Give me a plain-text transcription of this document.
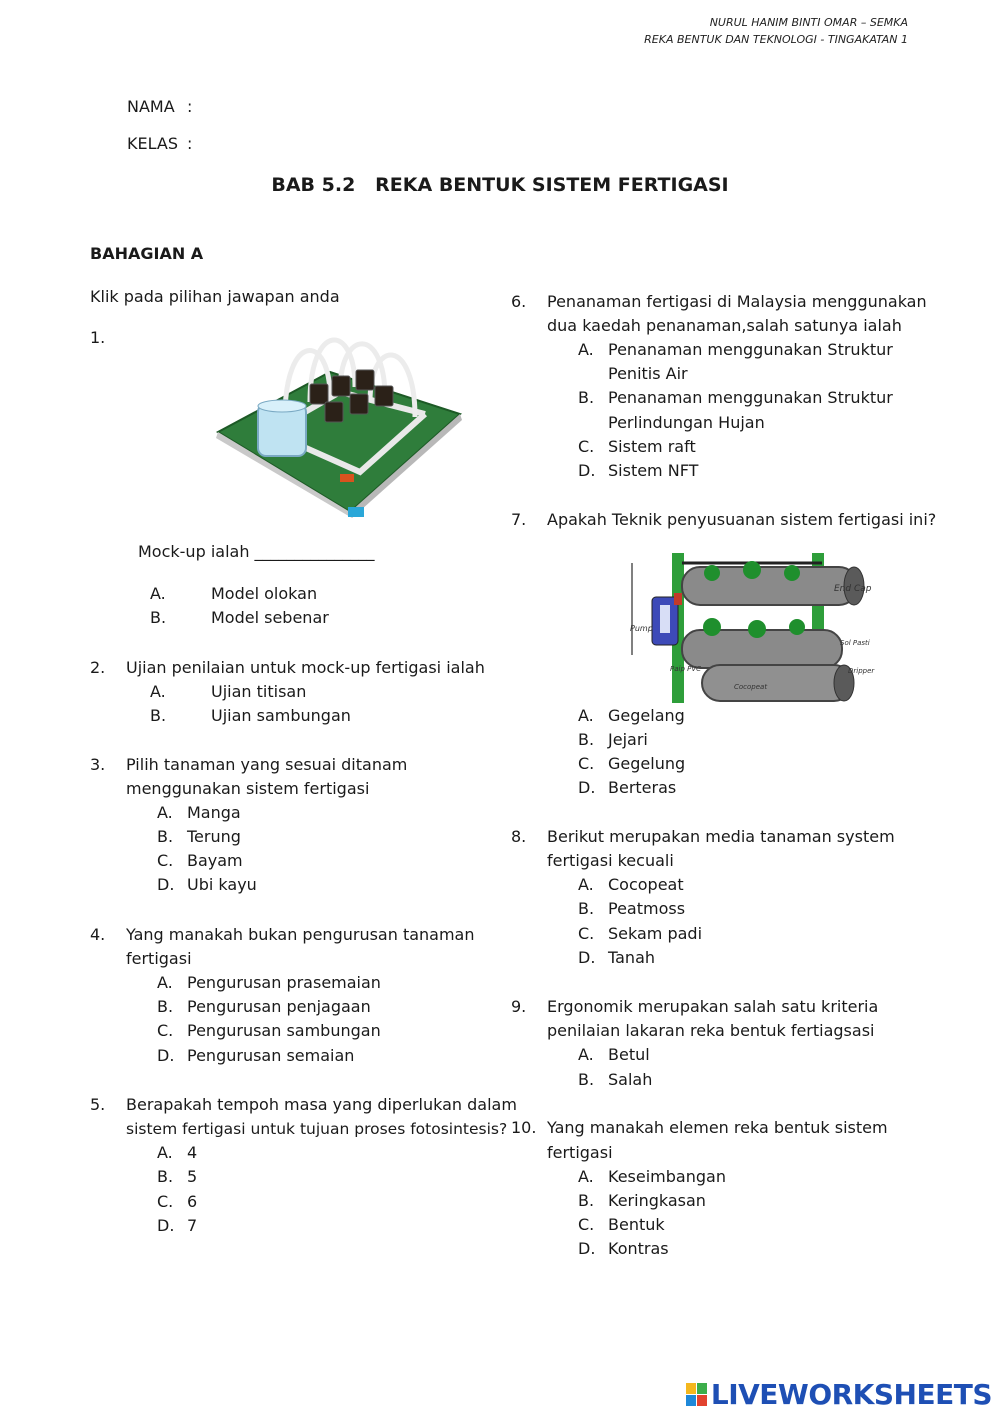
NURUL HANIM BINTI OMAR – SEMKA
REKA BENTUK DAN TEKNOLOGI - TINGAKATAN 1
NAMA :
KELAS :
BAB 5.2   REKA BENTUK SISTEM FERTIGASI
BAHAGIAN A
Klik pada pilihan jawapan anda
1.
32 inci
24 inci
Mock-up ialah _______________
A.	Model olokan
B.	Model sebenar
2. Ujian penilaian untuk mock-up fertigasi ialah
A.	Ujian titisan
B.	Ujian sambungan
3. Pilih tanaman yang sesuai ditanam
menggunakan sistem fertigasi
A. Manga
B. Terung
C. Bayam
D. Ubi kayu
4. Yang manakah bukan pengurusan tanaman
fertigasi
A. Pengurusan prasemaian
B. Pengurusan penjagaan
C. Pengurusan sambungan
D. Pengurusan semaian
5. Berapakah tempoh masa yang diperlukan dalam
sistem fertigasi untuk tujuan proses fotosintesis?
A. 4
B. 5
C. 6
D. 7
6. Penanaman fertigasi di Malaysia menggunakan
dua kaedah penanaman,salah satunya ialah
A. Penanaman menggunakan Struktur
Penitis Air
B. Penanaman menggunakan Struktur
Perlindungan Hujan
C. Sistem raft
D. Sistem NFT
7. Apakah Teknik penyusuanan sistem fertigasi ini?
End Cap
Pump
Sol Pasti
Paip PVC
Cocopeat
Dripper
A. Gegelang
B. Jejari
C. Gegelung
D. Berteras
8. Berikut merupakan media tanaman system
fertigasi kecuali
A. Cocopeat
B. Peatmoss
C. Sekam padi
D. Tanah
9. Ergonomik merupakan salah satu kriteria
penilaian lakaran reka bentuk fertiagsasi
A. Betul
B. Salah
10. Yang manakah elemen reka bentuk sistem
fertigasi
A. Keseimbangan
B. Keringkasan
C. Bentuk
D. Kontras
LIVEWORKSHEETS
